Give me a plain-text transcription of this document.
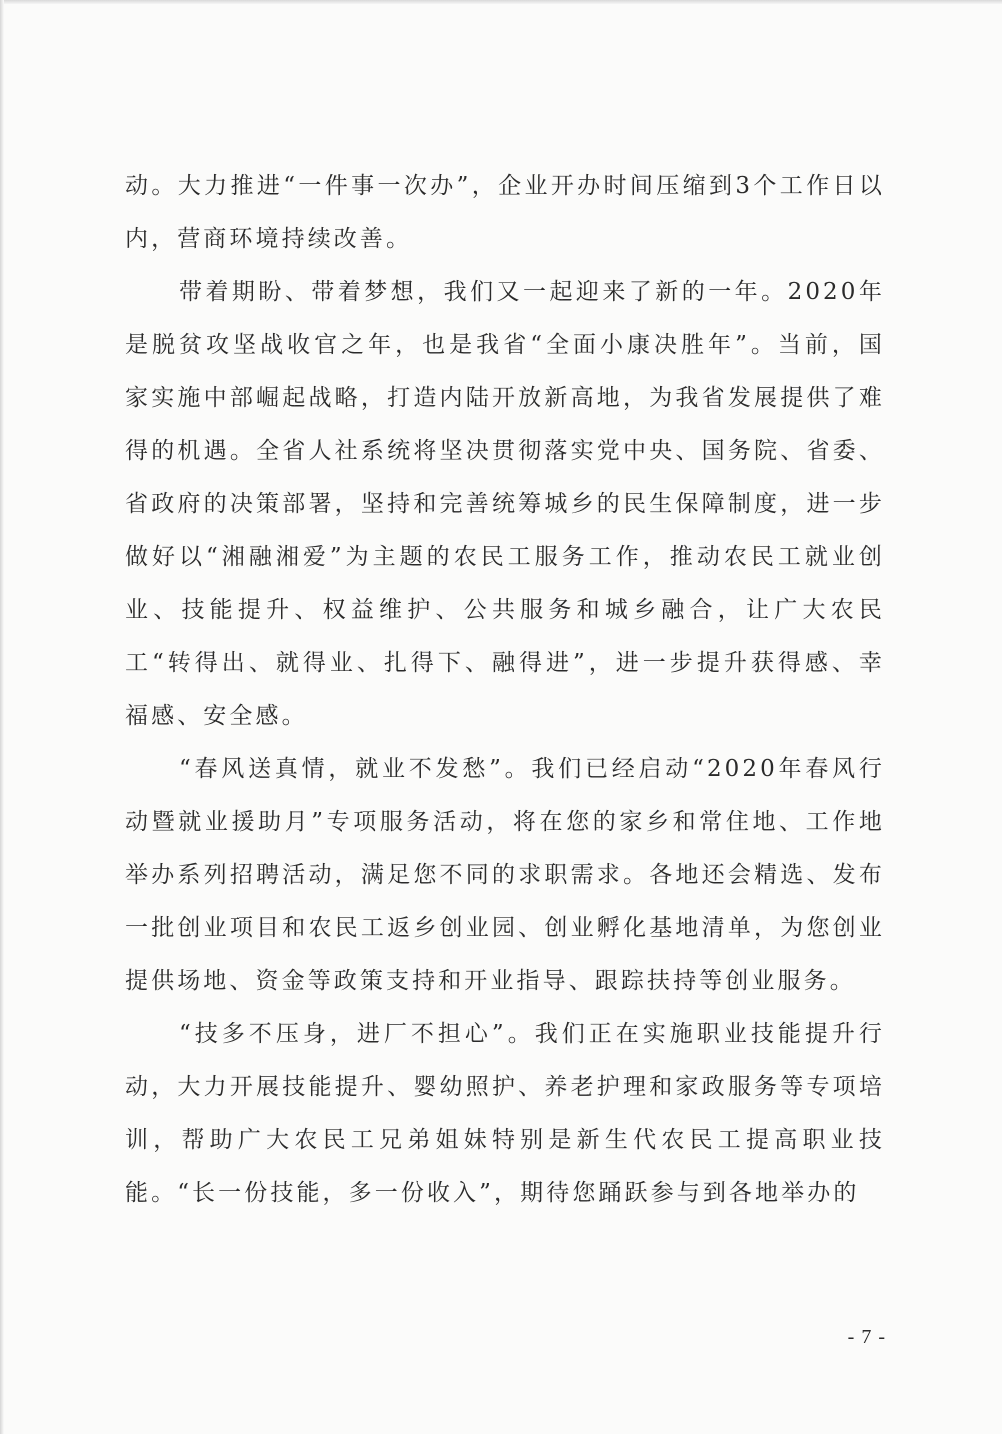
动。大力推进“一件事一次办”，企业开办时间压缩到3个工作日以内，营商环境持续改善。

带着期盼、带着梦想，我们又一起迎来了新的一年。2020年是脱贫攻坚战收官之年，也是我省“全面小康决胜年”。当前，国家实施中部崛起战略，打造内陆开放新高地，为我省发展提供了难得的机遇。全省人社系统将坚决贯彻落实党中央、国务院、省委、省政府的决策部署，坚持和完善统筹城乡的民生保障制度，进一步做好以“湘融湘爱”为主题的农民工服务工作，推动农民工就业创业、技能提升、权益维护、公共服务和城乡融合，让广大农民工“转得出、就得业、扎得下、融得进”，进一步提升获得感、幸福感、安全感。

“春风送真情，就业不发愁”。我们已经启动“2020年春风行动暨就业援助月”专项服务活动，将在您的家乡和常住地、工作地举办系列招聘活动，满足您不同的求职需求。各地还会精选、发布一批创业项目和农民工返乡创业园、创业孵化基地清单，为您创业提供场地、资金等政策支持和开业指导、跟踪扶持等创业服务。

“技多不压身，进厂不担心”。我们正在实施职业技能提升行动，大力开展技能提升、婴幼照护、养老护理和家政服务等专项培训，帮助广大农民工兄弟姐妹特别是新生代农民工提高职业技能。“长一份技能，多一份收入”，期待您踊跃参与到各地举办的

- 7 -
